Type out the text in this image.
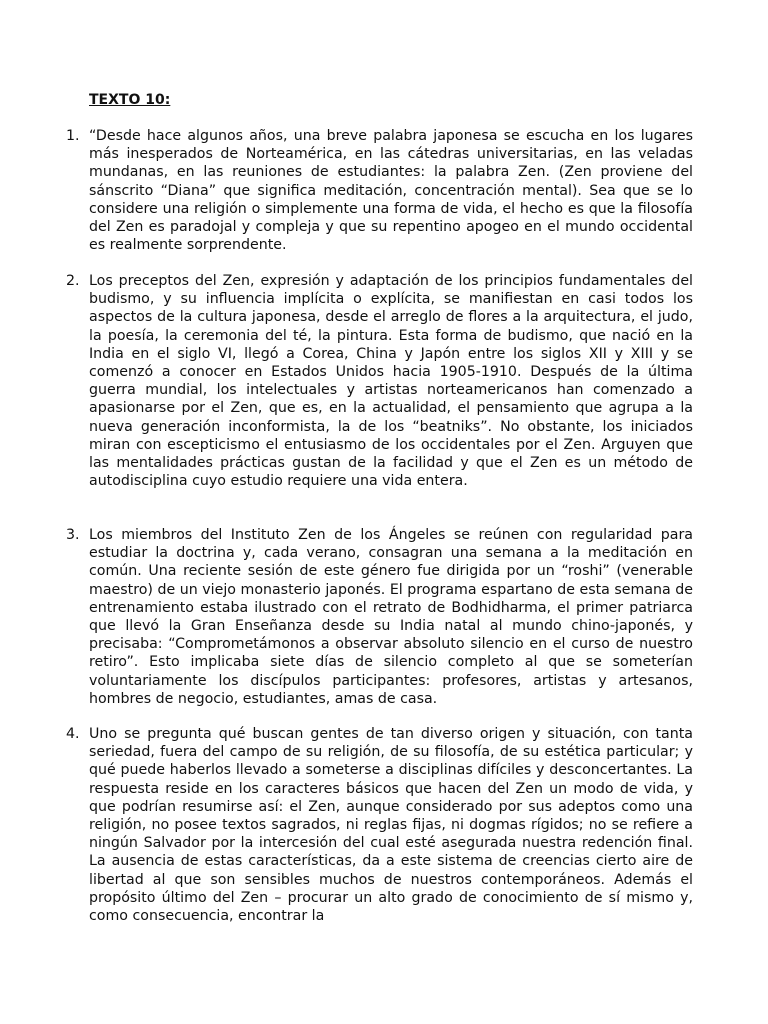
TEXTO 10:
1. “Desde hace algunos años, una breve palabra japonesa se escucha en los lugares más inesperados de Norteamérica, en las cátedras universitarias, en las veladas mundanas, en las reuniones de estudiantes: la palabra Zen. (Zen proviene del sánscrito “Diana” que significa meditación, concentración mental). Sea que se lo considere una religión o simplemente una forma de vida, el hecho es que la filosofía del Zen es paradojal y compleja y que su repentino apogeo en el mundo occidental es realmente sorprendente.
2. Los preceptos del Zen, expresión y adaptación de los principios fundamentales del budismo, y su influencia implícita o explícita, se manifiestan en casi todos los aspectos de la cultura japonesa, desde el arreglo de flores a la arquitectura, el judo, la poesía, la ceremonia del té, la pintura. Esta forma de budismo, que nació en la India en el siglo VI, llegó a Corea, China y Japón entre los siglos XII y XIII y se comenzó a conocer en Estados Unidos hacia 1905-1910. Después de la última guerra mundial, los intelectuales y artistas norteamericanos han comenzado a apasionarse por el Zen, que es, en la actualidad, el pensamiento que agrupa a la nueva generación inconformista, la de los “beatniks”. No obstante, los iniciados miran con escepticismo el entusiasmo de los occidentales por el Zen. Arguyen que las mentalidades prácticas gustan de la facilidad y que el Zen es un método de autodisciplina cuyo estudio requiere una vida entera.
3. Los miembros del Instituto Zen de los Ángeles se reúnen con regularidad para estudiar la doctrina y, cada verano, consagran una semana a la meditación en común. Una reciente sesión de este género fue dirigida por un “roshi” (venerable maestro) de un viejo monasterio japonés. El programa espartano de esta semana de entrenamiento estaba ilustrado con el retrato de Bodhidharma, el primer patriarca que llevó la Gran Enseñanza desde su India natal al mundo chino-japonés, y precisaba: “Comprometámonos a observar absoluto silencio en el curso de nuestro retiro”. Esto implicaba siete días de silencio completo al que se someterían voluntariamente los discípulos participantes: profesores, artistas y artesanos, hombres de negocio, estudiantes, amas de casa.
4. Uno se pregunta qué buscan gentes de tan diverso origen y situación, con tanta seriedad, fuera del campo de su religión, de su filosofía, de su estética particular; y qué puede haberlos llevado a someterse a disciplinas difíciles y desconcertantes. La respuesta reside en los caracteres básicos que hacen del Zen un modo de vida, y que podrían resumirse así: el Zen, aunque considerado por sus adeptos como una religión, no posee textos sagrados, ni reglas fijas, ni dogmas rígidos; no se refiere a ningún Salvador por la intercesión del cual esté asegurada nuestra redención final. La ausencia de estas características, da a este sistema de creencias cierto aire de libertad al que son sensibles muchos de nuestros contemporáneos. Además el propósito último del Zen – procurar un alto grado de conocimiento de sí mismo y, como consecuencia, encontrar la
